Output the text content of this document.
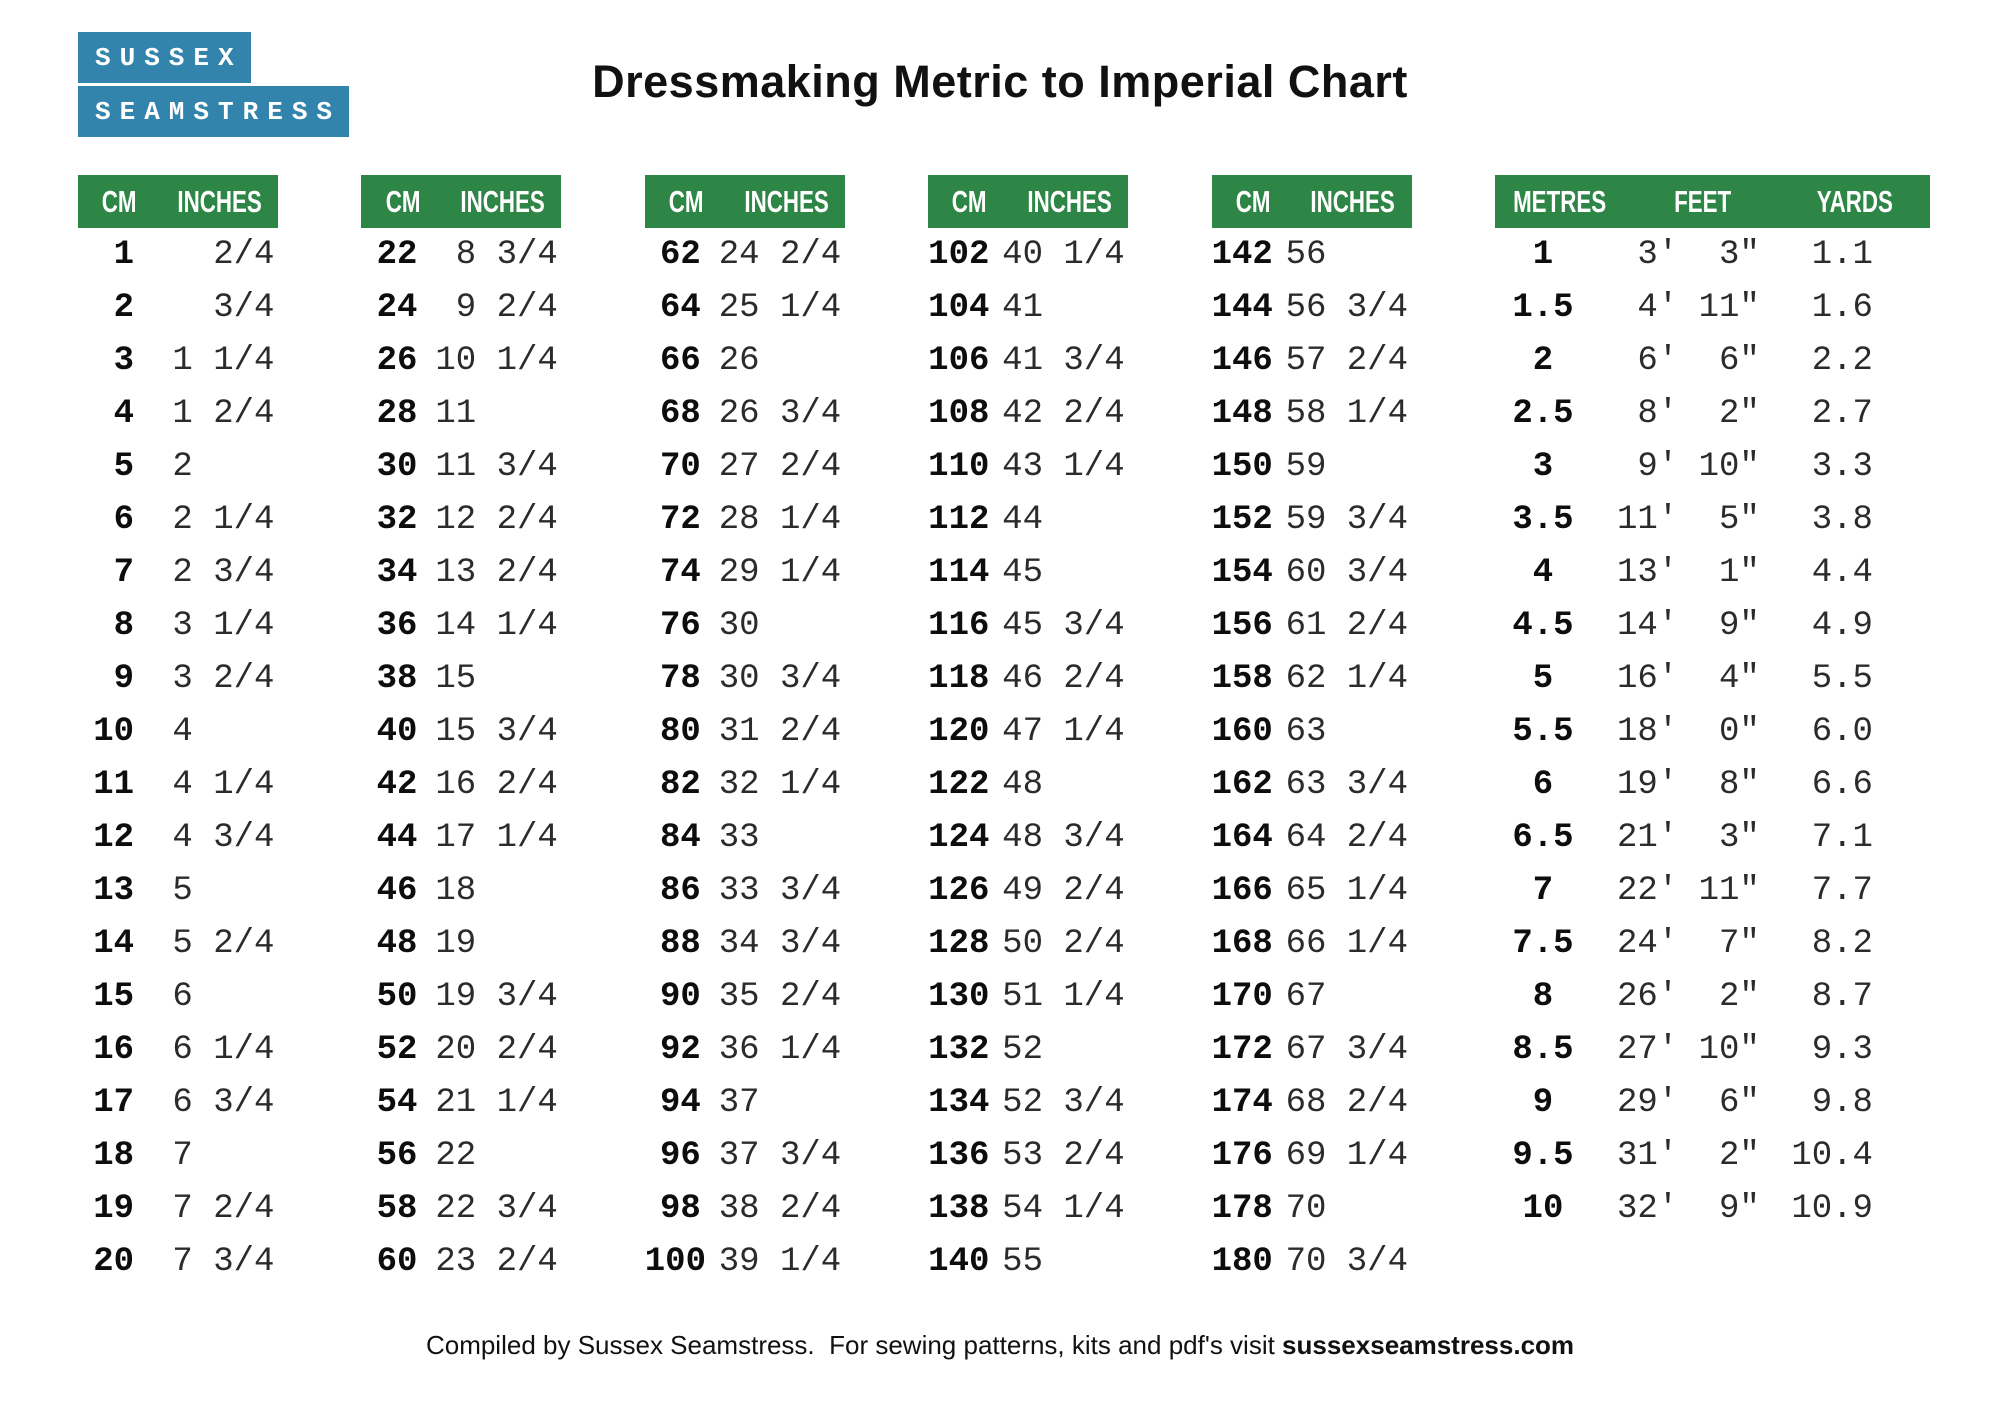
SUSSEX
SEAMSTRESS
Dressmaking Metric to Imperial Chart
CM	INCHES
1 2/4
2 3/4
3 1 1/4
4 1 2/4
5 2
6 2 1/4
7 2 3/4
8 3 1/4
9 3 2/4
10 4
11 4 1/4
12 4 3/4
13 5
14 5 2/4
15 6
16 6 1/4
17 6 3/4
18 7
19 7 2/4
20 7 3/4
CM	INCHES
22 8 3/4
24 9 2/4
26 10 1/4
28 11
30 11 3/4
32 12 2/4
34 13 2/4
36 14 1/4
38 15
40 15 3/4
42 16 2/4
44 17 1/4
46 18
48 19
50 19 3/4
52 20 2/4
54 21 1/4
56 22
58 22 3/4
60 23 2/4
CM	INCHES
62 24 2/4
64 25 1/4
66 26
68 26 3/4
70 27 2/4
72 28 1/4
74 29 1/4
76 30
78 30 3/4
80 31 2/4
82 32 1/4
84 33
86 33 3/4
88 34 3/4
90 35 2/4
92 36 1/4
94 37
96 37 3/4
98 38 2/4
100 39 1/4
CM	INCHES
102 40 1/4
104 41
106 41 3/4
108 42 2/4
110 43 1/4
112 44
114 45
116 45 3/4
118 46 2/4
120 47 1/4
122 48
124 48 3/4
126 49 2/4
128 50 2/4
130 51 1/4
132 52
134 52 3/4
136 53 2/4
138 54 1/4
140 55
CM	INCHES
142 56
144 56 3/4
146 57 2/4
148 58 1/4
150 59
152 59 3/4
154 60 3/4
156 61 2/4
158 62 1/4
160 63
162 63 3/4
164 64 2/4
166 65 1/4
168 66 1/4
170 67
172 67 3/4
174 68 2/4
176 69 1/4
178 70
180 70 3/4
METRES	FEET	YARDS
1	3'  3"	1.1
1.5	4' 11"	1.6
2	6'  6"	2.2
2.5	8'  2"	2.7
3	9' 10"	3.3
3.5	11'  5"	3.8
4	13'  1"	4.4
4.5	14'  9"	4.9
5	16'  4"	5.5
5.5	18'  0"	6.0
6	19'  8"	6.6
6.5	21'  3"	7.1
7	22' 11"	7.7
7.5	24'  7"	8.2
8	26'  2"	8.7
8.5	27' 10"	9.3
9	29'  6"	9.8
9.5	31'  2" 10.4
10	32'  9" 10.9
Compiled by Sussex Seamstress.  For sewing patterns, kits and pdf's visit sussexseamstress.com
